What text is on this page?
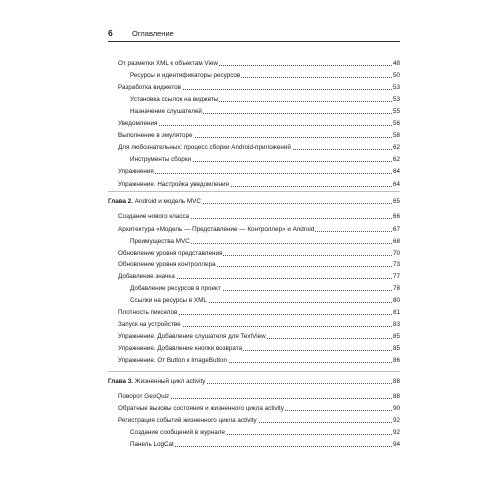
6	Оглавление
От разметки XML к объектам View	48
Ресурсы и идентификаторы ресурсов	50
Разработка виджетов	53
Установка ссылок на виджеты	53
Назначение слушателей	55
Уведомления	56
Выполнение в эмуляторе	58
Для любознательных: процесс сборки Android-приложений	62
Инструменты сборки	62
Упражнения	64
Упражнение. Настройка уведомления	64
Глава 2. Android и модель MVC	65
Создание нового класса	66
Архитектура «Модель — Представление — Контроллер» и Android	67
Преимущества MVC	68
Обновление уровня представления	70
Обновление уровня контроллера	73
Добавление значка	77
Добавление ресурсов в проект	78
Ссылки на ресурсы в XML	80
Плотность пикселов	81
Запуск на устройстве	83
Упражнение. Добавление слушателя для TextView	85
Упражнение. Добавление кнопки возврата	85
Упражнение. От Button к ImageButton	86
Глава 3. Жизненный цикл activity	88
Поворот GeoQuiz	88
Обратные вызовы состояния и жизненного цикла activity	90
Регистрация событий жизненного цикла activity	92
Создание сообщений в журнале	92
Панель LogCat	94
